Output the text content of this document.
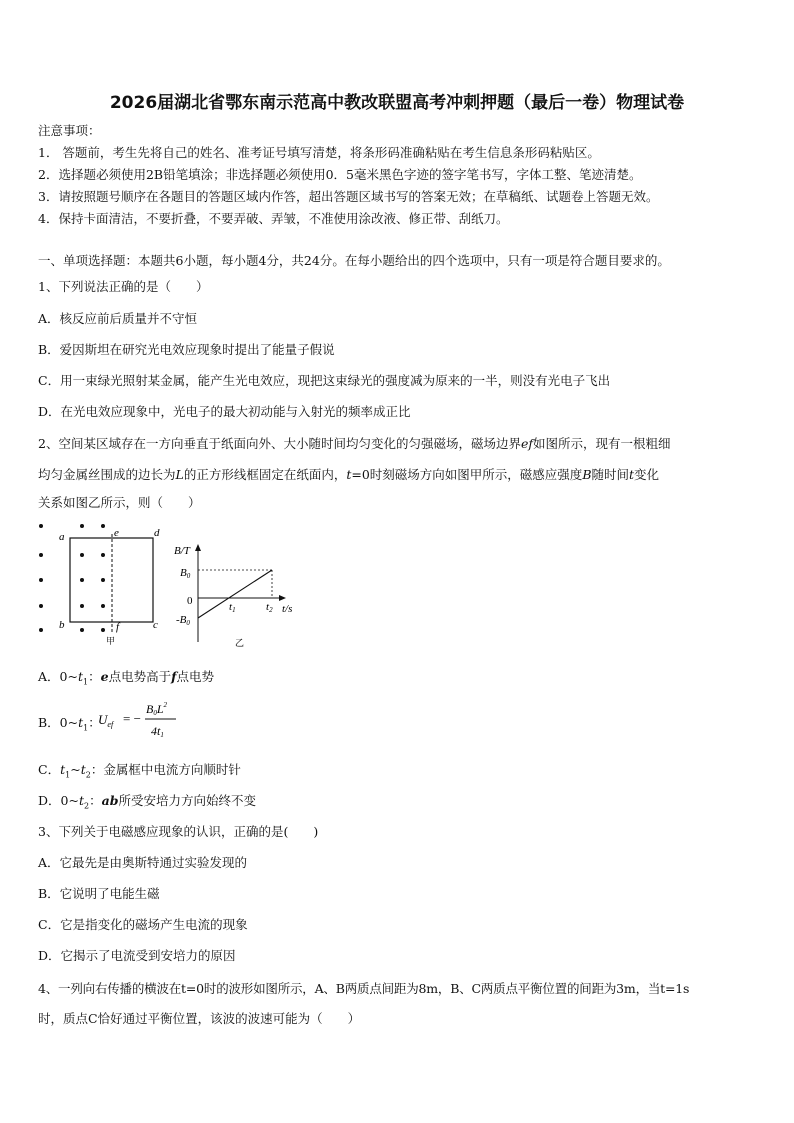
2026届湖北省鄂东南示范高中教改联盟高考冲刺押题（最后一卷）物理试卷
注意事项：
1． 答题前，考生先将自己的姓名、准考证号填写清楚，将条形码准确粘贴在考生信息条形码粘贴区。
2．选择题必须使用2B铅笔填涂；非选择题必须使用0．5毫米黑色字迹的签字笔书写，字体工整、笔迹清楚。
3．请按照题号顺序在各题目的答题区域内作答，超出答题区域书写的答案无效；在草稿纸、试题卷上答题无效。
4．保持卡面清洁，不要折叠，不要弄破、弄皱，不准使用涂改液、修正带、刮纸刀。
一、单项选择题：本题共6小题，每小题4分，共24分。在每小题给出的四个选项中，只有一项是符合题目要求的。
1、下列说法正确的是（　　）
A．核反应前后质量并不守恒
B．爱因斯坦在研究光电效应现象时提出了能量子假说
C．用一束绿光照射某金属，能产生光电效应，现把这束绿光的强度减为原来的一半，则没有光电子飞出
D．在光电效应现象中，光电子的最大初动能与入射光的频率成正比
2、空间某区域存在一方向垂直于纸面向外、大小随时间均匀变化的匀强磁场，磁场边界ef如图所示，现有一根粗细
均匀金属丝围成的边长为L的正方形线框固定在纸面内，t=0时刻磁场方向如图甲所示，磁感应强度B随时间t变化
关系如图乙所示，则（　　）
a	e	d
b	f	c
甲
B/T
B0
0
-B0
t1	t2 t/s
乙
A．$0\sim t_1$：e点电势高于f点电势
B．$0\sim t_1$：
$U_{ef}$ = −
$B0L^2$
4t1
C．$t_1\sim t_2$：金属框中电流方向顺时针
D．$0\sim t_2$：ab所受安培力方向始终不变
3、下列关于电磁感应现象的认识，正确的是(　　)
A．它最先是由奥斯特通过实验发现的
B．它说明了电能生磁
C．它是指变化的磁场产生电流的现象
D．它揭示了电流受到安培力的原因
4、一列向右传播的横波在t=0时的波形如图所示，A、B两质点间距为8m，B、C两质点平衡位置的间距为3m，当t=1s
时，质点C恰好通过平衡位置，该波的波速可能为（　　）
